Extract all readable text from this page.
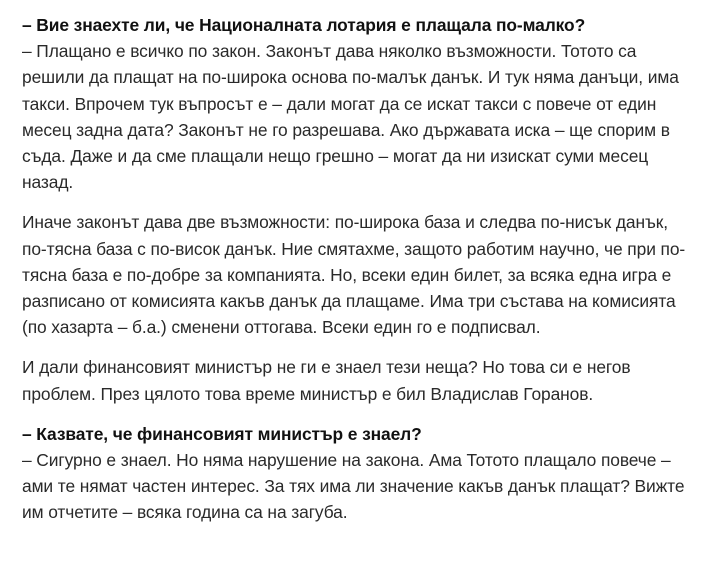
– Вие знаехте ли, че Националната лотария е плащала по-малко?
– Плащано е всичко по закон. Законът дава няколко възможности. Тотото са решили да плащат на по-широка основа по-малък данък. И тук няма данъци, има такси. Впрочем тук въпросът е – дали могат да се искат такси с повече от един месец задна дата? Законът не го разрешава. Ако държавата иска – ще спорим в съда. Даже и да сме плащали нещо грешно – могат да ни изискат суми месец назад.

Иначе законът дава две възможности: по-широка база и следва по-нисък данък, по-тясна база с по-висок данък. Ние смятахме, защото работим научно, че при по-тясна база е по-добре за компанията. Но, всеки един билет, за всяка една игра е разписано от комисията какъв данък да плащаме. Има три състава на комисията (по хазарта – б.а.) сменени оттогава. Всеки един го е подписвал.

И дали финансовият министър не ги е знаел тези неща? Но това си е негов проблем. През цялото това време министър е бил Владислав Горанов.

– Казвате, че финансовият министър е знаел?
– Сигурно е знаел. Но няма нарушение на закона. Ама Тотото плащало повече – ами те нямат частен интерес. За тях има ли значение какъв данък плащат? Вижте им отчетите – всяка година са на загуба.
